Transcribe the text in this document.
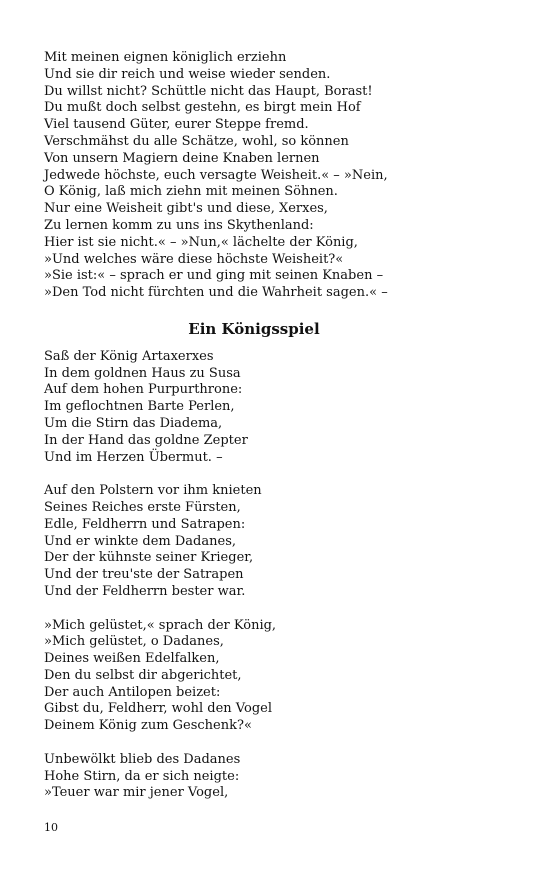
Mit meinen eignen königlich erziehn
Und sie dir reich und weise wieder senden.
Du willst nicht? Schüttle nicht das Haupt, Borast!
Du mußt doch selbst gestehn, es birgt mein Hof
Viel tausend Güter, eurer Steppe fremd.
Verschmähst du alle Schätze, wohl, so können
Von unsern Magiern deine Knaben lernen
Jedwede höchste, euch versagte Weisheit.« – »Nein,
O König, laß mich ziehn mit meinen Söhnen.
Nur eine Weisheit gibt's und diese, Xerxes,
Zu lernen komm zu uns ins Skythenland:
Hier ist sie nicht.« – »Nun,« lächelte der König,
»Und welches wäre diese höchste Weisheit?«
»Sie ist:« – sprach er und ging mit seinen Knaben –
»Den Tod nicht fürchten und die Wahrheit sagen.« –
Ein Königsspiel
Saß der König Artaxerxes
In dem goldnen Haus zu Susa
Auf dem hohen Purpurthrone:
Im geflochtnen Barte Perlen,
Um die Stirn das Diadema,
In der Hand das goldne Zepter
Und im Herzen Übermut. –
Auf den Polstern vor ihm knieten
Seines Reiches erste Fürsten,
Edle, Feldherrn und Satrapen:
Und er winkte dem Dadanes,
Der der kühnste seiner Krieger,
Und der treu'ste der Satrapen
Und der Feldherrn bester war.
»Mich gelüstet,« sprach der König,
»Mich gelüstet, o Dadanes,
Deines weißen Edelfalken,
Den du selbst dir abgerichtet,
Der auch Antilopen beizet:
Gibst du, Feldherr, wohl den Vogel
Deinem König zum Geschenk?«
Unbewölkt blieb des Dadanes
Hohe Stirn, da er sich neigte:
»Teuer war mir jener Vogel,
10
